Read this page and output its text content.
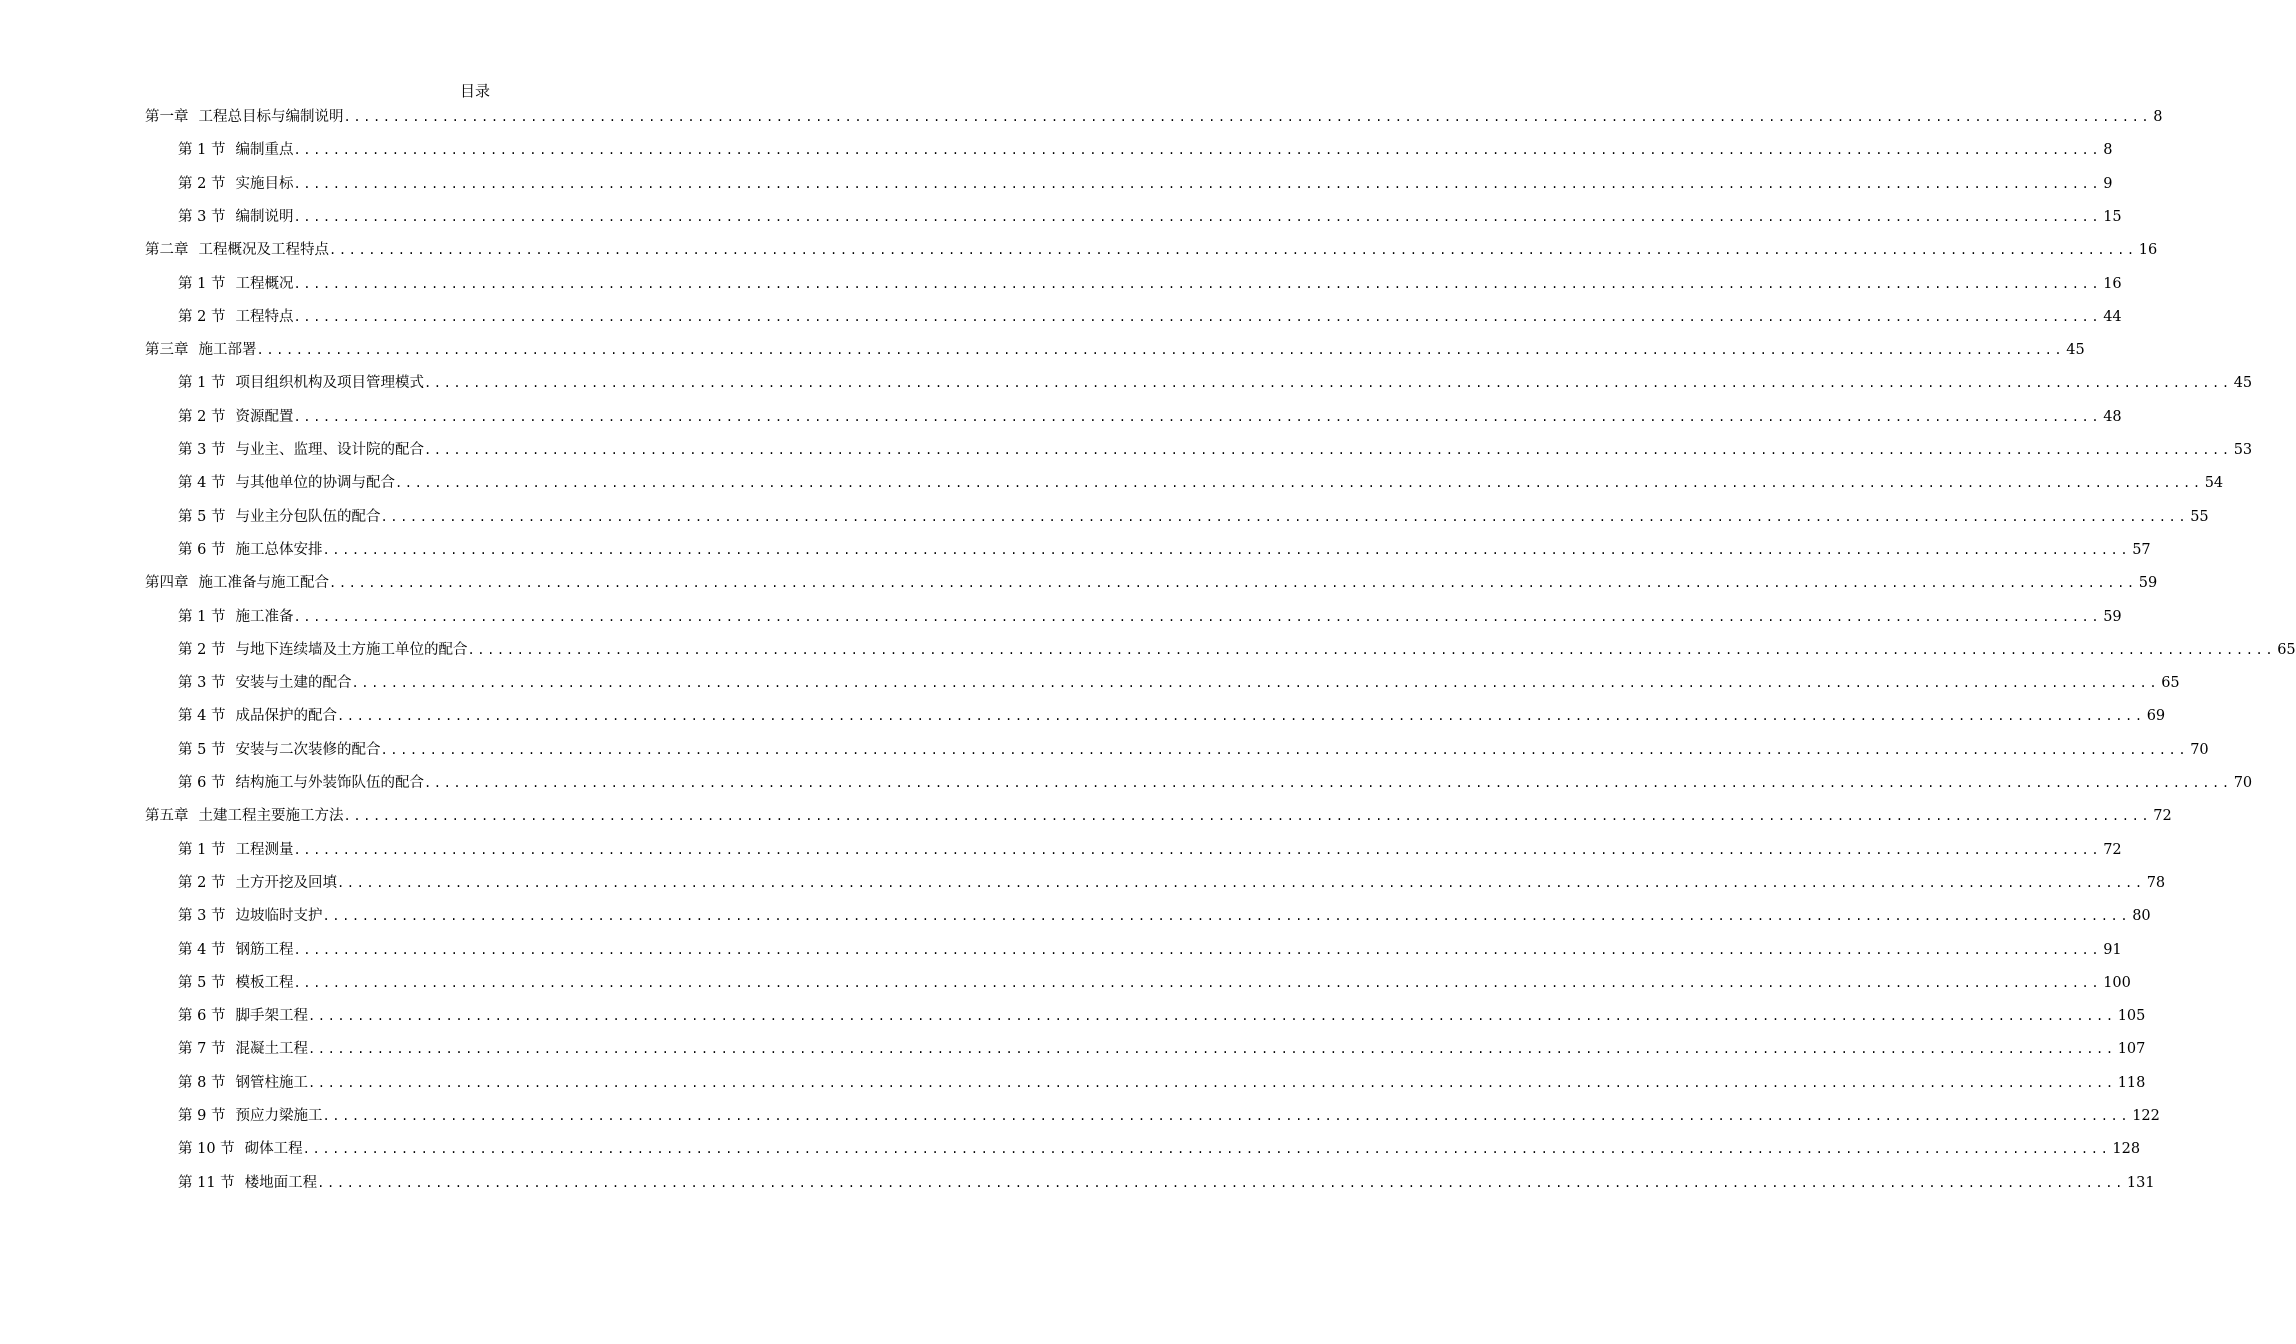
目录
第一章 工程总目标与编制说明 .....	8
第 1 节 编制重点 .....	8
第 2 节 实施目标 .....	9
第 3 节 编制说明 .....	15
第二章 工程概况及工程特点 .....	16
第 1 节 工程概况 .....	16
第 2 节 工程特点 .....	44
第三章 施工部署 .....	45
第 1 节 项目组织机构及项目管理模式 .....	45
第 2 节 资源配置 .....	48
第 3 节 与业主、监理、设计院的配合 .....	53
第 4 节 与其他单位的协调与配合 .....	54
第 5 节 与业主分包队伍的配合 .....	55
第 6 节 施工总体安排 .....	57
第四章 施工准备与施工配合 .....	59
第 1 节 施工准备 .....	59
第 2 节 与地下连续墙及土方施工单位的配合 .....	65
第 3 节 安装与土建的配合 .....	65
第 4 节 成品保护的配合 .....	69
第 5 节 安装与二次装修的配合 .....	70
第 6 节 结构施工与外装饰队伍的配合 .....	70
第五章 土建工程主要施工方法 .....	72
第 1 节 工程测量 .....	72
第 2 节 土方开挖及回填 .....	78
第 3 节 边坡临时支护 .....	80
第 4 节 钢筋工程 .....	91
第 5 节 模板工程 .....	100
第 6 节 脚手架工程 .....	105
第 7 节 混凝土工程 .....	107
第 8 节 钢管柱施工 .....	118
第 9 节 预应力梁施工 .....	122
第 10 节 砌体工程 .....	128
第 11 节 楼地面工程 .....	131
